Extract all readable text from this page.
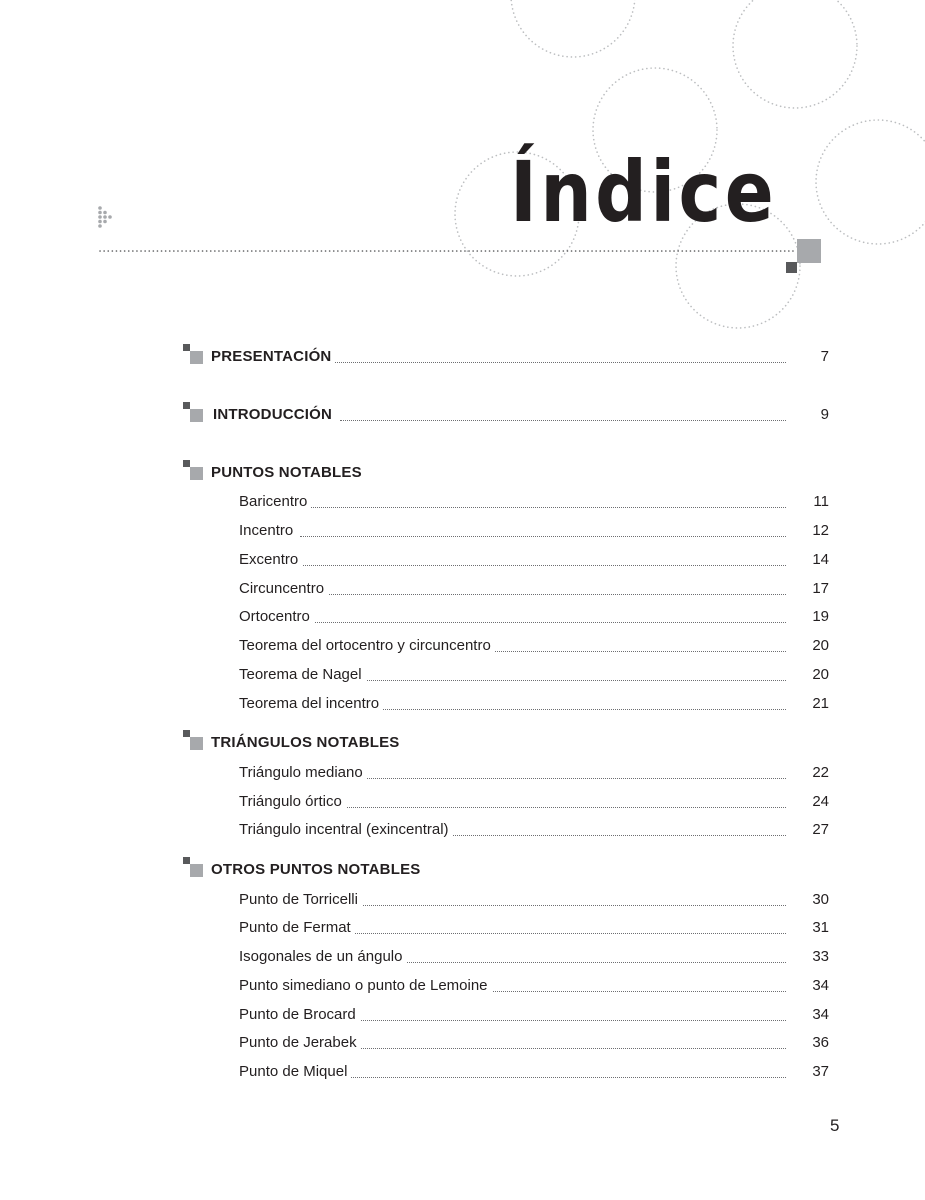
Índice
PRESENTACIÓN	7
INTRODUCCIÓN	9
PUNTOS NOTABLES
Baricentro	11
Incentro	12
Excentro	14
Circuncentro	17
Ortocentro	19
Teorema del ortocentro y circuncentro	20
Teorema de Nagel	20
Teorema del incentro	21
TRIÁNGULOS NOTABLES
Triángulo mediano	22
Triángulo órtico	24
Triángulo incentral (exincentral)	27
OTROS PUNTOS NOTABLES
Punto de Torricelli	30
Punto de Fermat	31
Isogonales de un ángulo	33
Punto simediano o punto de Lemoine	34
Punto de Brocard	34
Punto de Jerabek	36
Punto de Miquel	37
5
